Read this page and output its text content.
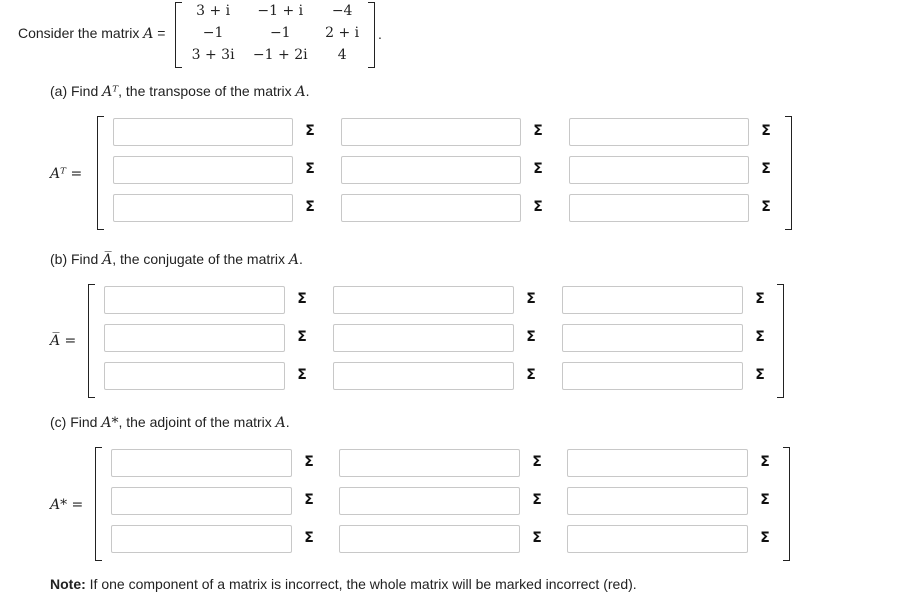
Consider the matrix A =
3 + i	−1 + i	−4
−1	−1	2 + i
3 + 3i	−1 + 2i	4
.
(a) Find Aᵀ, the transpose of the matrix A.
Aᵀ =
Σ	Σ	Σ
Σ	Σ	Σ
Σ	Σ	Σ
(b) Find A̅, the conjugate of the matrix A.
A̅ =
Σ	Σ	Σ
Σ	Σ	Σ
Σ	Σ	Σ
(c) Find A*, the adjoint of the matrix A.
A* =
Σ	Σ	Σ
Σ	Σ	Σ
Σ	Σ	Σ
Note: If one component of a matrix is incorrect, the whole matrix will be marked incorrect (red).
